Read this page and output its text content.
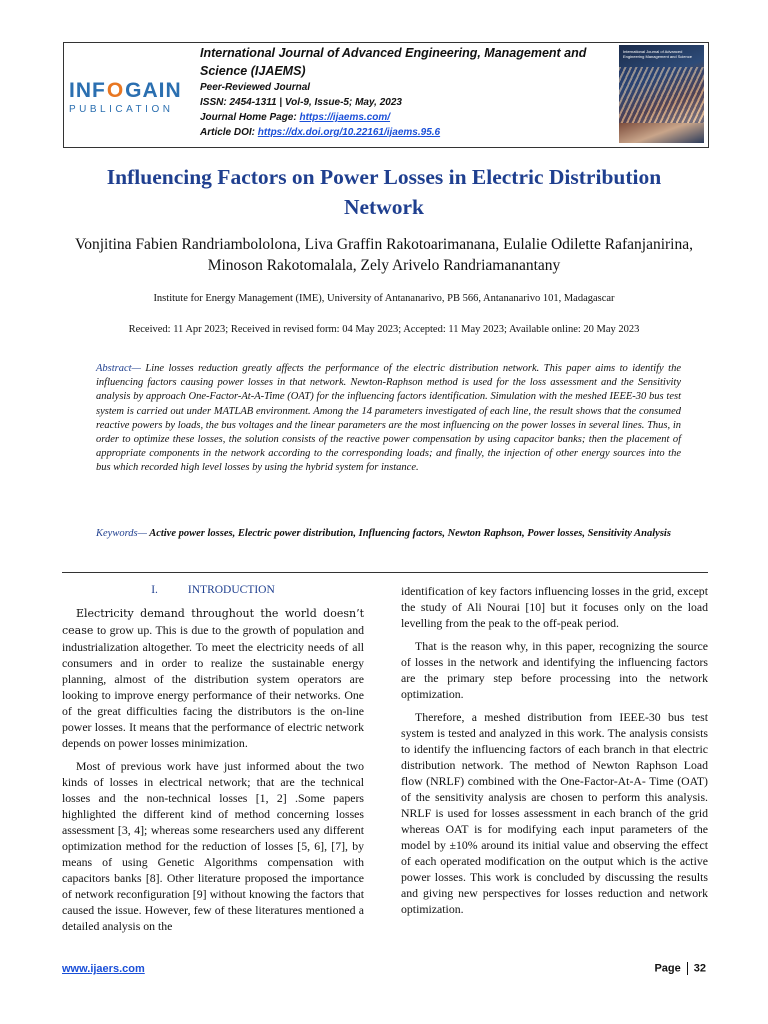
INF O GAIN
PUBLICATION
International Journal of Advanced Engineering, Management and Science (IJAEMS)
Peer-Reviewed Journal
ISSN: 2454-1311 | Vol-9, Issue-5; May, 2023
Journal Home Page: https://ijaems.com/
Article DOI: https://dx.doi.org/10.22161/ijaems.95.6
International Journal of Advanced Engineering Management and Science
Influencing Factors on Power Losses in Electric Distribution Network
Vonjitina Fabien Randriambololona, Liva Graffin Rakotoarimanana, Eulalie Odilette Rafanjanirina, Minoson Rakotomalala, Zely Arivelo Randriamanantany
Institute for Energy Management (IME), University of Antananarivo, PB 566, Antananarivo 101, Madagascar
Received: 11 Apr 2023; Received in revised form: 04 May 2023; Accepted: 11 May 2023; Available online: 20 May 2023
Abstract— Line losses reduction greatly affects the performance of the electric distribution network. This paper aims to identify the influencing factors causing power losses in that network. Newton-Raphson method is used for the loss assessment and the Sensitivity analysis by approach One-Factor-At-A-Time (OAT) for the influencing factors identification. Simulation with the meshed IEEE-30 bus test system is carried out under MATLAB environment. Among the 14 parameters investigated of each line, the result shows that the consumed reactive powers by loads, the bus voltages and the linear parameters are the most influencing on the power losses in several lines. Thus, in order to optimize these losses, the solution consists of the reactive power compensation by using capacitor banks; then the placement of appropriate components in the network according to the corresponding loads; and finally, the injection of other energy sources into the bus which recorded high level losses by using the hybrid system for instance.
Keywords— Active power losses, Electric power distribution, Influencing factors, Newton Raphson, Power losses, Sensitivity Analysis

I.	INTRODUCTION

Electricity demand throughout the world doesn’t cease to grow up. This is due to the growth of population and industrialization altogether. To meet the electricity needs of all consumers and in order to realize the sustainable energy planning, almost of the distribution system operators are looking to improve energy performance of their networks. One of the great difficulties facing the distributors is the on-line power losses. It means that the performance of electric network depends on power losses minimization.

Most of previous work have just informed about the two kinds of losses in electrical network; that are the technical losses and the non-technical losses [1, 2] .Some papers highlighted the different kind of method concerning losses assessment [3, 4]; whereas some researchers used any different optimization method for the reduction of losses [5, 6], [7], by means of using Genetic Algorithms compensation with capacitors banks [8]. Other literature proposed the importance of network reconfiguration [9] without knowing the factors that caused the issue. However, few of these literatures mentioned a detailed analysis on the

identification of key factors influencing losses in the grid, except the study of Ali Nourai [10] but it focuses only on the load levelling from the peak to the off-peak period.

That is the reason why, in this paper, recognizing the source of losses in the network and identifying the influencing factors are the primary step before processing into the network optimization.

Therefore, a meshed distribution from IEEE-30 bus test system is tested and analyzed in this work. The analysis consists to identify the influencing factors of each branch in that electric distribution network. The method of Newton Raphson Load flow (NRLF) combined with the One-Factor-At-A- Time (OAT) of the sensitivity analysis are chosen to perform this analysis. NRLF is used for losses assessment in each branch of the grid whereas OAT is for modifying each input parameters of the model by ±10% around its initial value and observing the effect of each operated modification on the output which is the active power losses. This work is concluded by discussing the results and giving new perspectives for losses reduction and network optimization.

www.ijaers.com	Page 32
